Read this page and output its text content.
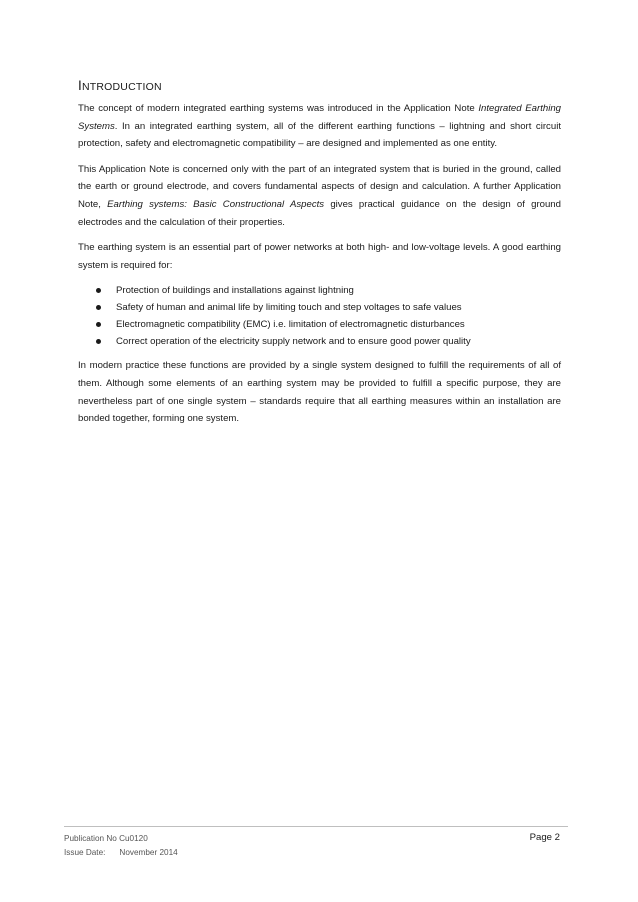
INTRODUCTION

The concept of modern integrated earthing systems was introduced in the Application Note Integrated Earthing Systems. In an integrated earthing system, all of the different earthing functions – lightning and short circuit protection, safety and electromagnetic compatibility – are designed and implemented as one entity.

This Application Note is concerned only with the part of an integrated system that is buried in the ground, called the earth or ground electrode, and covers fundamental aspects of design and calculation. A further Application Note, Earthing systems: Basic Constructional Aspects gives practical guidance on the design of ground electrodes and the calculation of their properties.

The earthing system is an essential part of power networks at both high- and low-voltage levels. A good earthing system is required for:

Protection of buildings and installations against lightning
Safety of human and animal life by limiting touch and step voltages to safe values
Electromagnetic compatibility (EMC) i.e. limitation of electromagnetic disturbances
Correct operation of the electricity supply network and to ensure good power quality

In modern practice these functions are provided by a single system designed to fulfill the requirements of all of them. Although some elements of an earthing system may be provided to fulfill a specific purpose, they are nevertheless part of one single system – standards require that all earthing measures within an installation are bonded together, forming one system.

Publication No Cu0120
Issue Date: November 2014
Page 2
